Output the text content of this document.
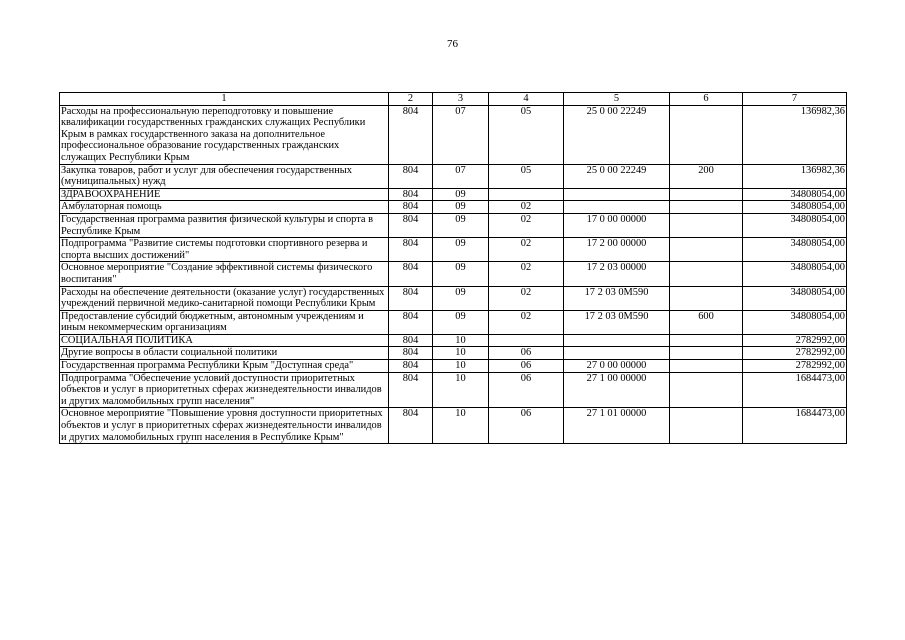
76
1	2	3	4	5	6	7
Расходы на профессиональную переподготовку и повышение квалификации государственных гражданских служащих Республики Крым в рамках государственного заказа на дополнительное профессиональное образование государственных гражданских служащих Республики Крым	804	07	05	25 0 00 22249		136982,36
Закупка товаров, работ и услуг для обеспечения государственных (муниципальных) нужд	804	07	05	25 0 00 22249	200	136982,36
ЗДРАВООХРАНЕНИЕ	804	09				34808054,00
Амбулаторная помощь	804	09	02			34808054,00
Государственная программа развития физической культуры и спорта в Республике Крым	804	09	02	17 0 00 00000		34808054,00
Подпрограмма "Развитие системы подготовки спортивного резерва и спорта высших достижений"	804	09	02	17 2 00 00000		34808054,00
Основное мероприятие "Создание эффективной системы физического воспитания"	804	09	02	17 2 03 00000		34808054,00
Расходы на обеспечение деятельности (оказание услуг) государственных учреждений первичной медико-санитарной помощи Республики Крым	804	09	02	17 2 03 0М590		34808054,00
Предоставление субсидий бюджетным, автономным учреждениям и иным некоммерческим организациям	804	09	02	17 2 03 0М590	600	34808054,00
СОЦИАЛЬНАЯ ПОЛИТИКА	804	10				2782992,00
Другие вопросы в области социальной политики	804	10	06			2782992,00
Государственная программа Республики Крым "Доступная среда"	804	10	06	27 0 00 00000		2782992,00
Подпрограмма "Обеспечение условий доступности приоритетных объектов и услуг в приоритетных сферах жизнедеятельности инвалидов и других маломобильных групп населения"	804	10	06	27 1 00 00000		1684473,00
Основное мероприятие "Повышение уровня доступности приоритетных объектов и услуг в приоритетных сферах жизнедеятельности инвалидов и других маломобильных групп населения в Республике Крым"	804	10	06	27 1 01 00000		1684473,00
